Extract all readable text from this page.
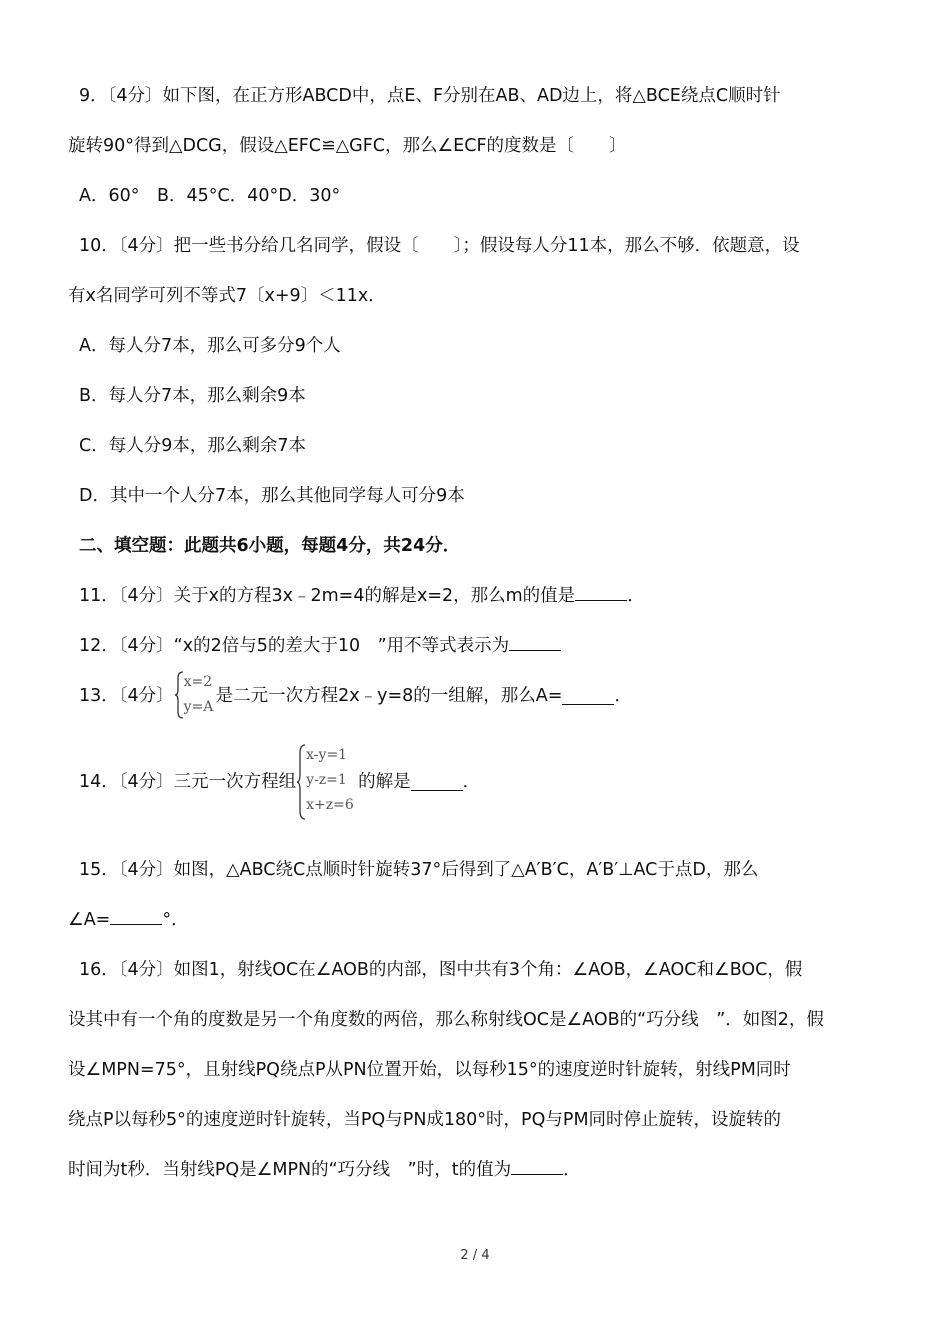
9．〔4分〕如下图，在正方形ABCD中，点E、F分别在AB、AD边上，将△BCE绕点C顺时针
旋转90°得到△DCG，假设△EFC≌△GFC，那么∠ECF的度数是〔　　〕
A．60°　B．45°C．40°D．30°
10．〔4分〕把一些书分给几名同学，假设〔　　〕；假设每人分11本，那么不够．依题意，设
有x名同学可列不等式7〔x+9〕＜11x．
A．每人分7本，那么可多分9个人
B．每人分7本，那么剩余9本
C．每人分9本，那么剩余7本
D．其中一个人分7本，那么其他同学每人可分9本
二、填空题：此题共6小题，每题4分，共24分．
11．〔4分〕关于x的方程3x﹣2m=4的解是x=2，那么m的值是	．
12．〔4分〕“x的2倍与5的差大于10　”用不等式表示为
13．〔4分〕
x=2
y=A
是二元一次方程2x﹣y=8的一组解，那么A=	．
14．〔4分〕三元一次方程组
x-y=1
y-z=1
x+z=6
的解是	．
15．〔4分〕如图，△ABC绕C点顺时针旋转37°后得到了△A′B′C，A′B′⊥AC于点D，那么
∠A=	°．
16．〔4分〕如图1，射线OC在∠AOB的内部，图中共有3个角：∠AOB，∠AOC和∠BOC，假
设其中有一个角的度数是另一个角度数的两倍，那么称射线OC是∠AOB的“巧分线　”．如图2，假
设∠MPN=75°，且射线PQ绕点P从PN位置开始，以每秒15°的速度逆时针旋转，射线PM同时
绕点P以每秒5°的速度逆时针旋转，当PQ与PN成180°时，PQ与PM同时停止旋转，设旋转的
时间为t秒．当射线PQ是∠MPN的“巧分线　”时，t的值为	．
2 / 4
